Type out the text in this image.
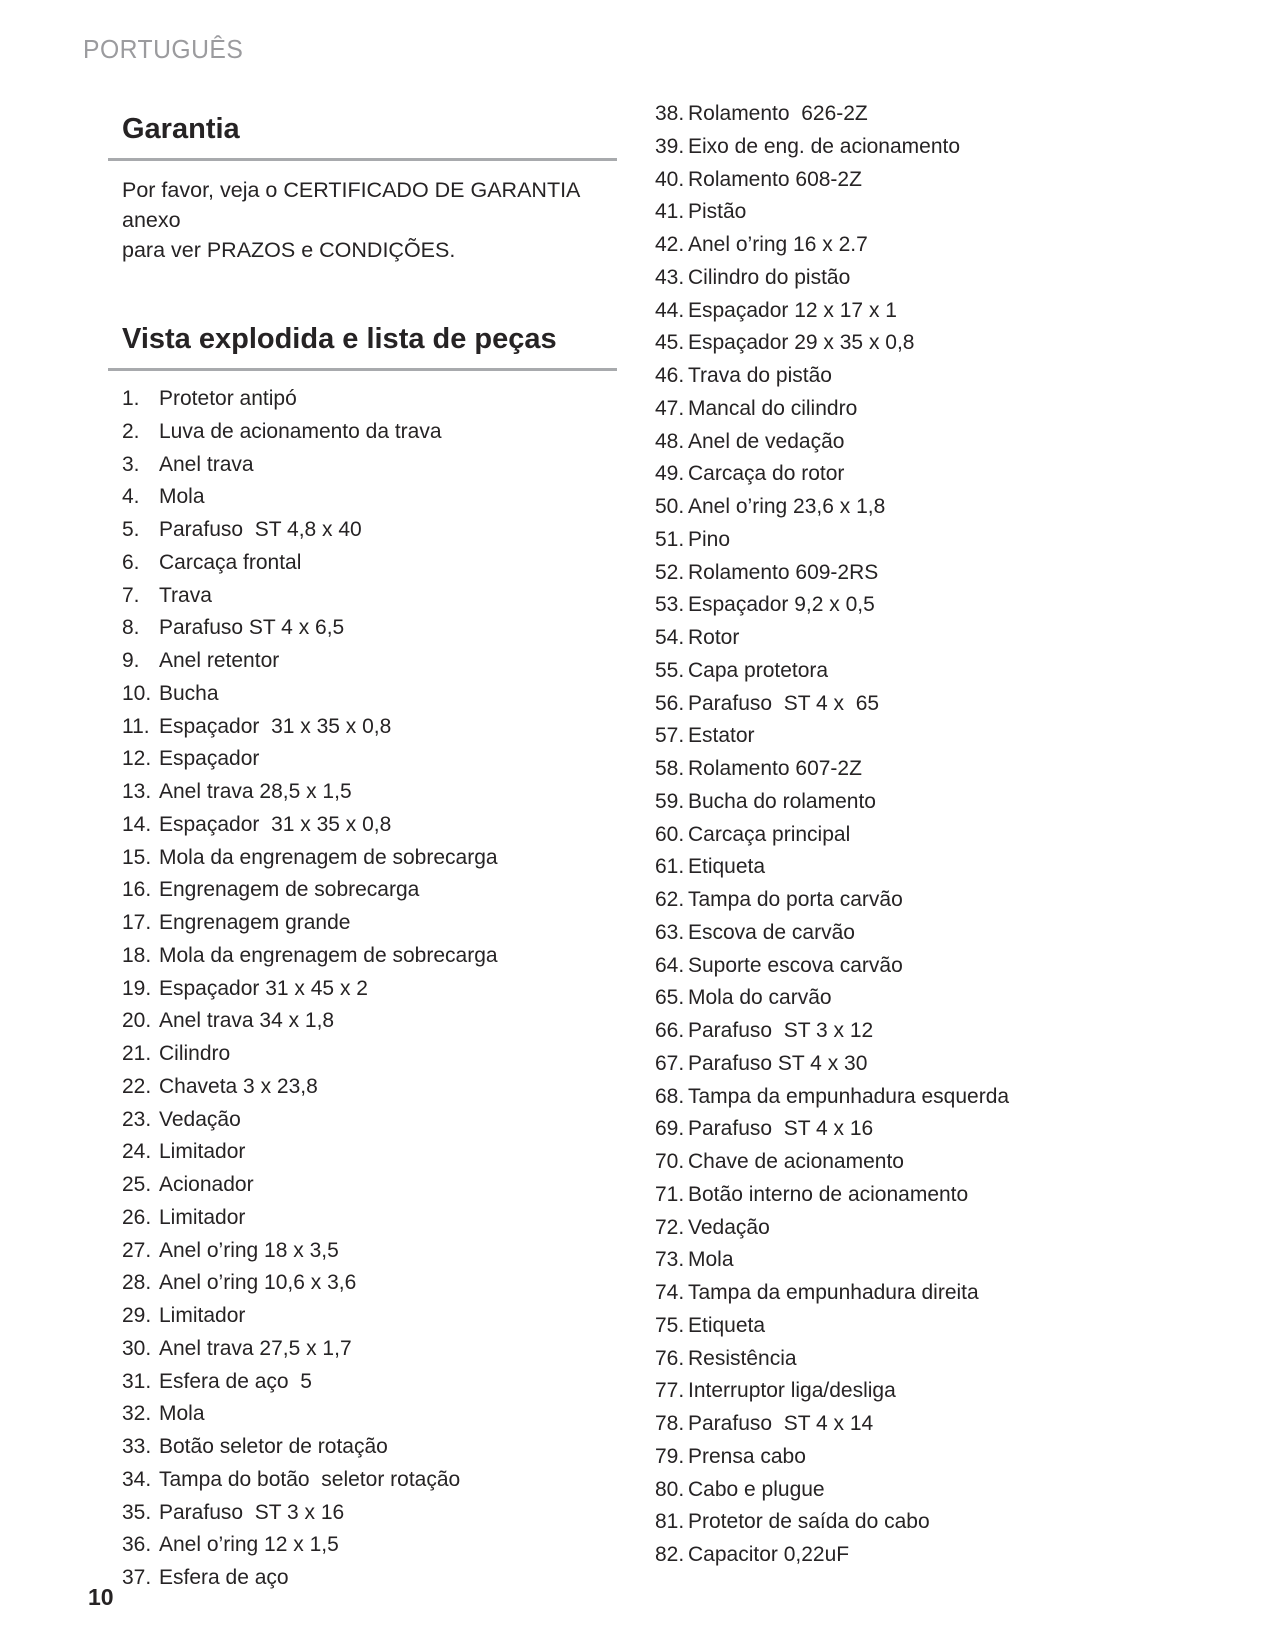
PORTUGUÊS
Garantia

Por favor, veja o CERTIFICADO DE GARANTIA anexo
para ver PRAZOS e CONDIÇÕES.

Vista explodida e lista de peças
1. Protetor antipó
2. Luva de acionamento da trava
3. Anel trava
4. Mola
5. Parafuso  ST 4,8 x 40
6. Carcaça frontal
7. Trava
8. Parafuso ST 4 x 6,5
9. Anel retentor
10. Bucha
11. Espaçador  31 x 35 x 0,8
12. Espaçador
13. Anel trava 28,5 x 1,5
14. Espaçador  31 x 35 x 0,8
15. Mola da engrenagem de sobrecarga
16. Engrenagem de sobrecarga
17. Engrenagem grande
18. Mola da engrenagem de sobrecarga
19. Espaçador 31 x 45 x 2
20. Anel trava 34 x 1,8
21. Cilindro
22. Chaveta 3 x 23,8
23. Vedação
24. Limitador
25. Acionador
26. Limitador
27. Anel o’ring 18 x 3,5
28. Anel o’ring 10,6 x 3,6
29. Limitador
30. Anel trava 27,5 x 1,7
31. Esfera de aço  5
32. Mola
33. Botão seletor de rotação
34. Tampa do botão  seletor rotação
35. Parafuso  ST 3 x 16
36. Anel o’ring 12 x 1,5
37. Esfera de aço
38. Rolamento  626-2Z
39. Eixo de eng. de acionamento
40. Rolamento 608-2Z
41. Pistão
42. Anel o’ring 16 x 2.7
43. Cilindro do pistão
44. Espaçador 12 x 17 x 1
45. Espaçador 29 x 35 x 0,8
46. Trava do pistão
47. Mancal do cilindro
48. Anel de vedação
49. Carcaça do rotor
50. Anel o’ring 23,6 x 1,8
51. Pino
52. Rolamento 609-2RS
53. Espaçador 9,2 x 0,5
54. Rotor
55. Capa protetora
56. Parafuso  ST 4 x  65
57. Estator
58. Rolamento 607-2Z
59. Bucha do rolamento
60. Carcaça principal
61. Etiqueta
62. Tampa do porta carvão
63. Escova de carvão
64. Suporte escova carvão
65. Mola do carvão
66. Parafuso  ST 3 x 12
67. Parafuso ST 4 x 30
68. Tampa da empunhadura esquerda
69. Parafuso  ST 4 x 16
70. Chave de acionamento
71. Botão interno de acionamento
72. Vedação
73. Mola
74. Tampa da empunhadura direita
75. Etiqueta
76. Resistência
77. Interruptor liga/desliga
78. Parafuso  ST 4 x 14
79. Prensa cabo
80. Cabo e plugue
81. Protetor de saída do cabo
82. Capacitor 0,22uF
10
